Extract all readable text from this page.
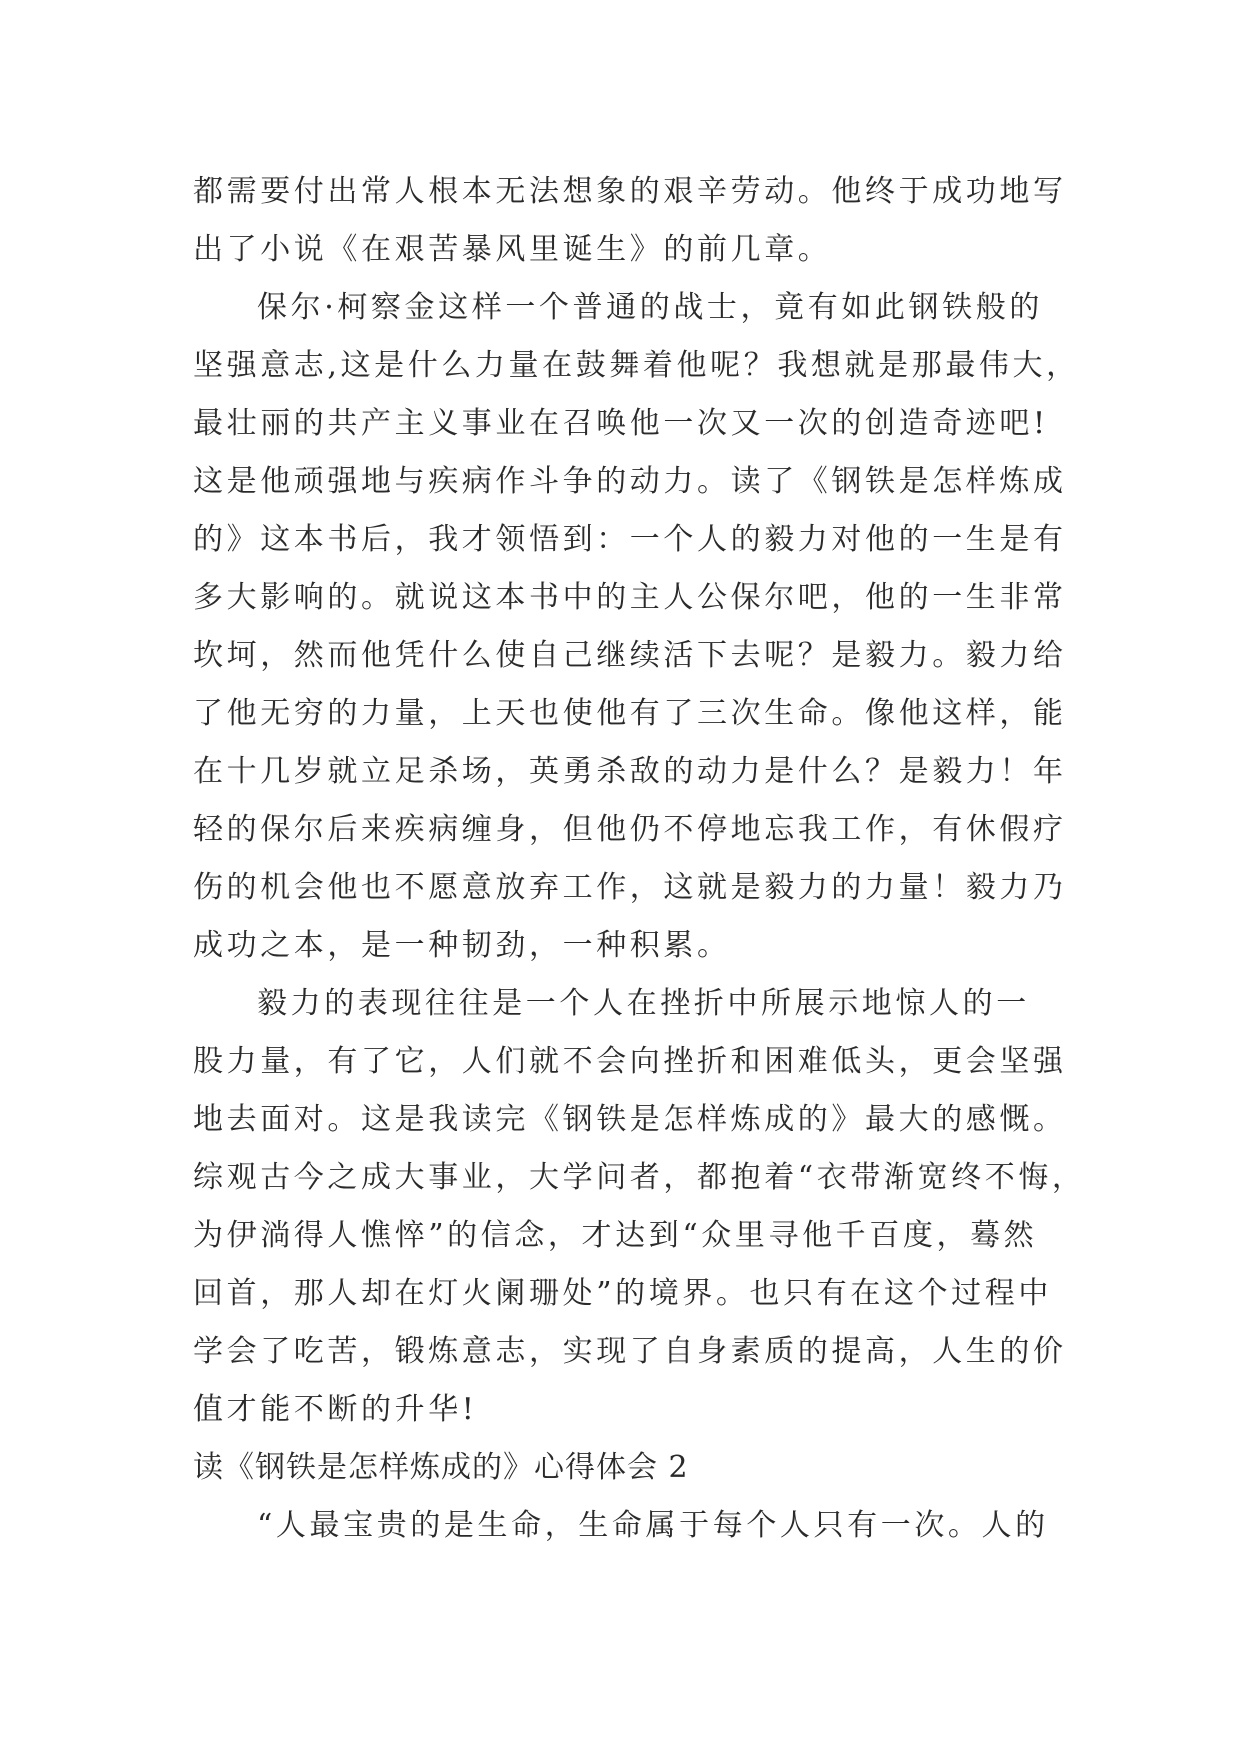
都需要付出常人根本无法想象的艰辛劳动。他终于成功地写
出了小说《在艰苦暴风里诞生》的前几章。
保尔·柯察金这样一个普通的战士，竟有如此钢铁般的
坚强意志,这是什么力量在鼓舞着他呢？我想就是那最伟大，
最壮丽的共产主义事业在召唤他一次又一次的创造奇迹吧!
这是他顽强地与疾病作斗争的动力。读了《钢铁是怎样炼成
的》这本书后，我才领悟到：一个人的毅力对他的一生是有
多大影响的。就说这本书中的主人公保尔吧，他的一生非常
坎坷，然而他凭什么使自己继续活下去呢？是毅力。毅力给
了他无穷的力量，上天也使他有了三次生命。像他这样，能
在十几岁就立足杀场，英勇杀敌的动力是什么？是毅力！年
轻的保尔后来疾病缠身，但他仍不停地忘我工作，有休假疗
伤的机会他也不愿意放弃工作，这就是毅力的力量！毅力乃
成功之本，是一种韧劲，一种积累。
毅力的表现往往是一个人在挫折中所展示地惊人的一
股力量，有了它，人们就不会向挫折和困难低头，更会坚强
地去面对。这是我读完《钢铁是怎样炼成的》最大的感慨。
综观古今之成大事业，大学问者，都抱着“衣带渐宽终不悔，
为伊淌得人憔悴”的信念，才达到“众里寻他千百度，蓦然
回首，那人却在灯火阑珊处”的境界。也只有在这个过程中
学会了吃苦，锻炼意志，实现了自身素质的提高，人生的价
值才能不断的升华!
读《钢铁是怎样炼成的》心得体会 2
“人最宝贵的是生命，生命属于每个人只有一次。人的
